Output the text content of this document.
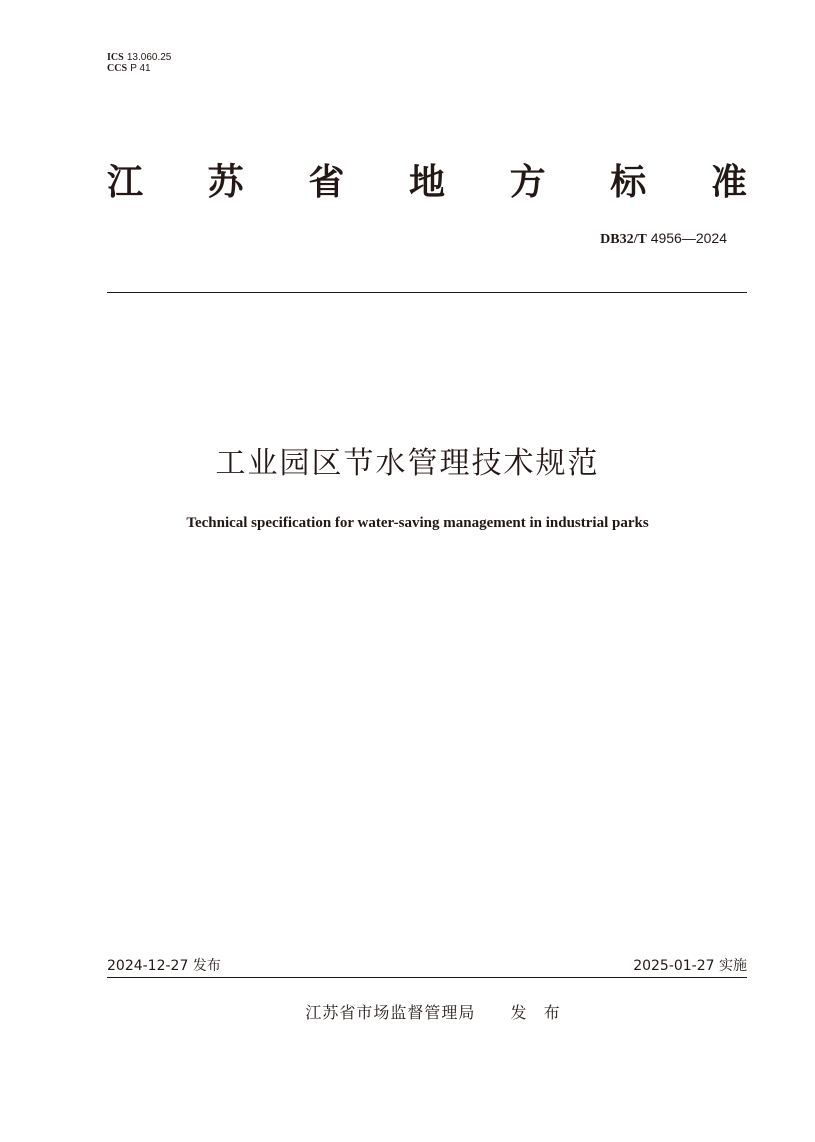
ICS 13.060.25
CCS P 41
江 苏 省 地 方 标 准
DB32/T 4956—2024
工业园区节水管理技术规范
Technical specification for water-saving management in industrial parks
2024-12-27 发布	2025-01-27 实施
江苏省市场监督管理局 发 布
